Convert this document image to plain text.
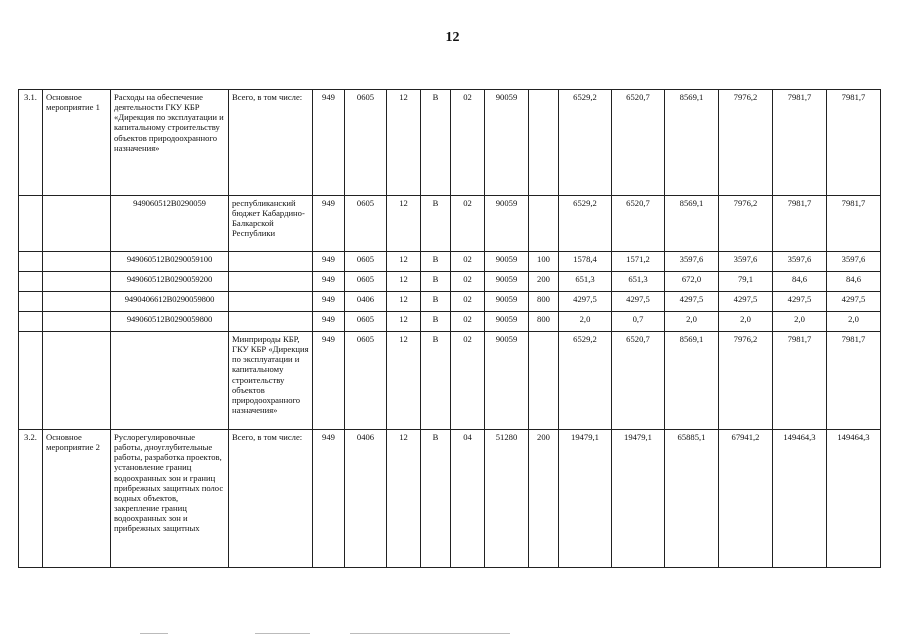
12
3.1.	Основное мероприятие 1	Расходы на обеспечение деятельности ГКУ КБР «Дирекция по эксплуатации и капитальному строительству объектов природоохранного назначения»	Всего, в том числе:	949	0605	12	В	02	90059		6529,2	6520,7	8569,1	7976,2	7981,7	7981,7
		949060512В0290059	республиканский бюджет Кабардино-Балкарской Республики	949	0605	12	В	02	90059		6529,2	6520,7	8569,1	7976,2	7981,7	7981,7
		949060512В0290059100		949	0605	12	В	02	90059	100	1578,4	1571,2	3597,6	3597,6	3597,6	3597,6
		949060512В0290059200		949	0605	12	В	02	90059	200	651,3	651,3	672,0	79,1	84,6	84,6
		9490406612В0290059800		949	0406	12	В	02	90059	800	4297,5	4297,5	4297,5	4297,5	4297,5	4297,5
		949060512В0290059800		949	0605	12	В	02	90059	800	2,0	0,7	2,0	2,0	2,0	2,0
			Минприроды КБР, ГКУ КБР «Дирекция по эксплуатации и капитальному строительству объектов природоохранного назначения»	949	0605	12	В	02	90059		6529,2	6520,7	8569,1	7976,2	7981,7	7981,7
3.2.	Основное мероприятие 2	Руслорегулировочные работы, дноуглубительные работы, разработка проектов, установление границ водоохранных зон и границ прибрежных защитных полос водных объектов, закрепление границ водоохранных зон и прибрежных защитных	Всего, в том числе:	949	0406	12	В	04	51280	200	19479,1	19479,1	65885,1	67941,2	149464,3	149464,3
